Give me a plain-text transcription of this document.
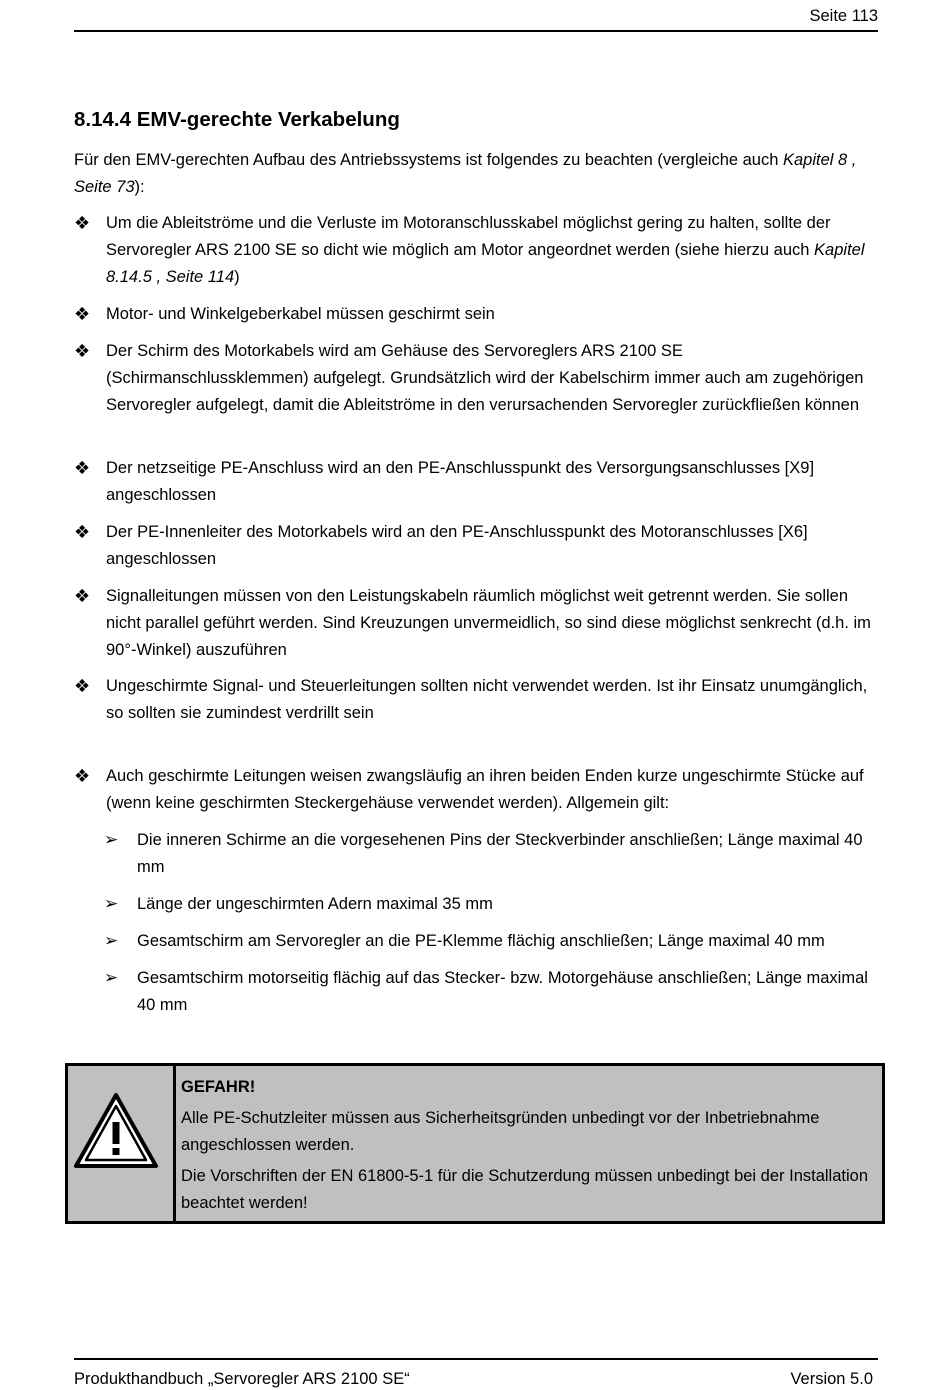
Seite 113
8.14.4 EMV-gerechte Verkabelung

Für den EMV-gerechten Aufbau des Antriebssystems ist folgendes zu beachten (vergleiche auch Kapitel 8 , Seite 73):

❖ Um die Ableitströme und die Verluste im Motoranschlusskabel möglichst gering zu halten, sollte der Servoregler ARS 2100 SE so dicht wie möglich am Motor angeordnet werden (siehe hierzu auch Kapitel 8.14.5 , Seite 114)
❖ Motor- und Winkelgeberkabel müssen geschirmt sein
❖ Der Schirm des Motorkabels wird am Gehäuse des Servoreglers ARS 2100 SE (Schirmanschlussklemmen) aufgelegt. Grundsätzlich wird der Kabelschirm immer auch am zugehörigen Servoregler aufgelegt, damit die Ableitströme in den verursachenden Servoregler zurückfließen können
❖ Der netzseitige PE-Anschluss wird an den PE-Anschlusspunkt des Versorgungsanschlusses [X9] angeschlossen
❖ Der PE-Innenleiter des Motorkabels wird an den PE-Anschlusspunkt des Motoranschlusses [X6] angeschlossen
❖ Signalleitungen müssen von den Leistungskabeln räumlich möglichst weit getrennt werden. Sie sollen nicht parallel geführt werden. Sind Kreuzungen unvermeidlich, so sind diese möglichst senkrecht (d.h. im 90°-Winkel) auszuführen
❖ Ungeschirmte Signal- und Steuerleitungen sollten nicht verwendet werden. Ist ihr Einsatz unumgänglich, so sollten sie zumindest verdrillt sein
❖ Auch geschirmte Leitungen weisen zwangsläufig an ihren beiden Enden kurze ungeschirmte Stücke auf (wenn keine geschirmten Steckergehäuse verwendet werden). Allgemein gilt:
➢	Die inneren Schirme an die vorgesehenen Pins der Steckverbinder anschließen; Länge maximal 40 mm
➢	Länge der ungeschirmten Adern maximal 35 mm
➢	Gesamtschirm am Servoregler an die PE-Klemme flächig anschließen; Länge maximal 40 mm
➢	Gesamtschirm motorseitig flächig auf das Stecker- bzw. Motorgehäuse anschließen; Länge maximal 40 mm

GEFAHR!

Alle PE-Schutzleiter müssen aus Sicherheitsgründen unbedingt vor der Inbetriebnahme angeschlossen werden.

Die Vorschriften der EN 61800-5-1 für die Schutzerdung müssen unbedingt bei der Installation beachtet werden!

Produkthandbuch „Servoregler ARS 2100 SE“	Version 5.0
